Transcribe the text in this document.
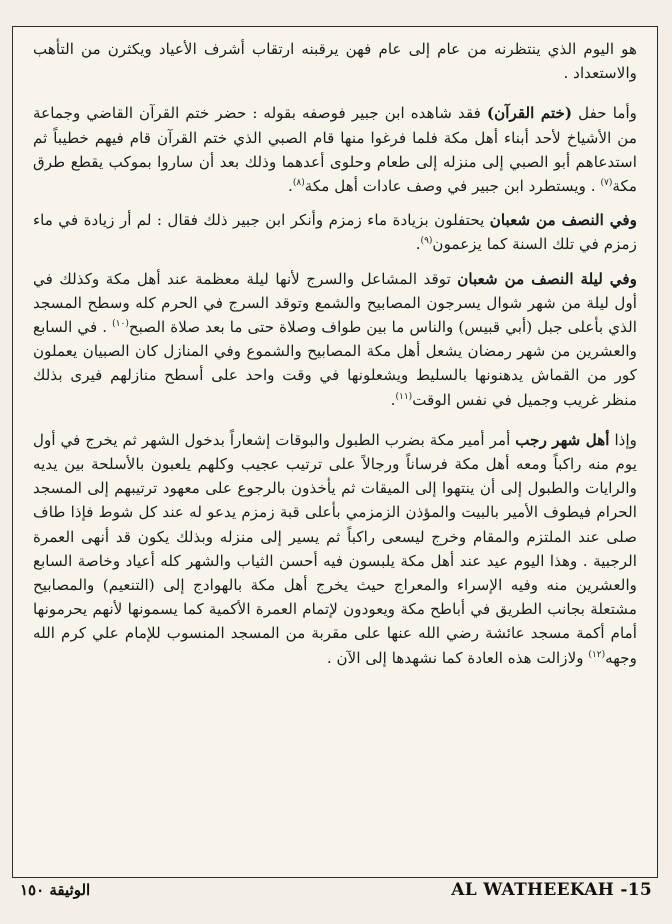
هو اليوم الذي ينتظرنه من عام إلى عام فهن يرقبنه ارتقاب أشرف الأعياد ويكثرن من التأهب والاستعداد .

وأما حفل (ختم القرآن) فقد شاهده ابن جبير فوصفه بقوله : حضر ختم القرآن القاضي وجماعة من الأشياخ لأحد أبناء أهل مكة فلما فرغوا منها قام الصبي الذي ختم القرآن قام فيهم خطيباً ثم استدعاهم أبو الصبي إلى منزله إلى طعام وحلوى أعدهما وذلك بعد أن ساروا بموكب يقطع طرق مكة$^{(٧)}$ . ويستطرد ابن جبير في وصف عادات أهل مكة$^{(٨)}$.

وفي النصف من شعبان يحتفلون بزيادة ماء زمزم وأنكر ابن جبير ذلك فقال : لم أر زيادة في ماء زمزم في تلك السنة كما يزعمون$^{(٩)}$.

وفي ليلة النصف من شعبان توقد المشاعل والسرج لأنها ليلة معظمة عند أهل مكة وكذلك في أول ليلة من شهر شوال يسرجون المصابيح والشمع وتوقد السرج في الحرم كله وسطح المسجد الذي بأعلى جبل (أبي قبيس) والناس ما بين طواف وصلاة حتى ما بعد صلاة الصبح$^{(١٠)}$ . في السابع والعشرين من شهر رمضان يشعل أهل مكة المصابيح والشموع وفي المنازل كان الصبيان يعملون كور من القماش يدهنونها بالسليط ويشعلونها في وقت واحد على أسطح منازلهم فيرى بذلك منظر غريب وجميل في نفس الوقت$^{(١١)}$.

وإذا أهل شهر رجب أمر أمير مكة بضرب الطبول والبوقات إشعاراً بدخول الشهر ثم يخرج في أول يوم منه راكباً ومعه أهل مكة فرساناً ورجالاً على ترتيب عجيب وكلهم يلعبون بالأسلحة بين يديه والرايات والطبول إلى أن ينتهوا إلى الميقات ثم يأخذون بالرجوع على معهود ترتيبهم إلى المسجد الحرام فيطوف الأمير بالبيت والمؤذن الزمزمي بأعلى قبة زمزم يدعو له عند كل شوط فإذا طاف صلى عند الملتزم والمقام وخرج ليسعى راكباً ثم يسير إلى منزله وبذلك يكون قد أنهى العمرة الرجبية . وهذا اليوم عيد عند أهل مكة يلبسون فيه أحسن الثياب والشهر كله أعياد وخاصة السابع والعشرين منه وفيه الإسراء والمعراج حيث يخرج أهل مكة بالهوادج إلى (التنعيم) والمصابيح مشتعلة بجانب الطريق في أباطح مكة ويعودون لإتمام العمرة الأكمية كما يسمونها لأنهم يحرمونها أمام أكمة مسجد عائشة رضي الله عنها على مقربة من المسجد المنسوب للإمام علي كرم الله وجهه$^{(١٢)}$ ولازالت هذه العادة كما نشهدها إلى الآن .

الوثيقة ١٥٠	AL WATHEEKAH -15
